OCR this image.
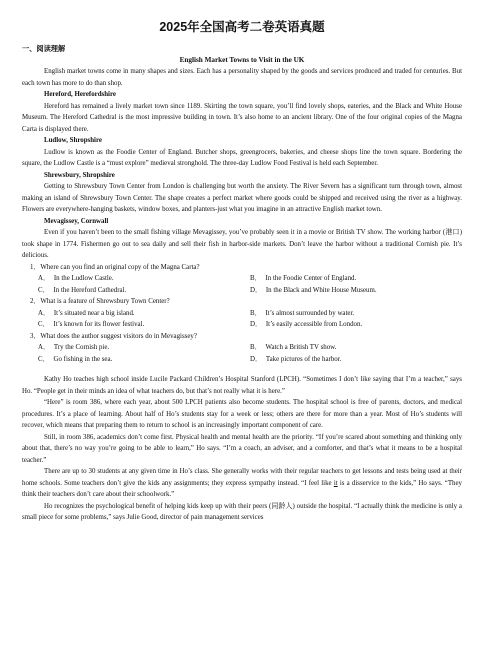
2025年全国高考二卷英语真题
一、阅读理解
English Market Towns to Visit in the UK

English market towns come in many shapes and sizes. Each has a personality shaped by the goods and services produced and traded for centuries. But each town has more to do than shop.

Hereford, Herefordshire

Hereford has remained a lively market town since 1189. Skirting the town square, you’ll find lovely shops, eateries, and the Black and White House Museum. The Hereford Cathedral is the most impressive building in town. It’s also home to an ancient library. One of the four original copies of the Magna Carta is displayed there.

Ludlow, Shropshire

Ludlow is known as the Foodie Center of England. Butcher shops, greengrocers, bakeries, and cheese shops line the town square. Bordering the square, the Ludlow Castle is a “must explore” medieval stronghold. The three-day Ludlow Food Festival is held each September.

Shrewsbury, Shropshire

Getting to Shrewsbury Town Center from London is challenging but worth the anxiety. The River Severn has a significant turn through town, almost making an island of Shrewsbury Town Center. The shape creates a perfect market where goods could be shipped and received using the river as a highway. Flowers are everywhere-hanging baskets, window boxes, and planters-just what you imagine in an attractive English market town.

Mevagissey, Cornwall

Even if you haven’t been to the small fishing village Mevagissey, you’ve probably seen it in a movie or British TV show. The working harbor (港口) took shape in 1774. Fishermen go out to sea daily and sell their fish in harbor-side markets. Don’t leave the harbor without a traditional Cornish pie. It’s delicious.

1．Where can you find an original copy of the Magna Carta?
A． In the Ludlow Castle.	B． In the Foodie Center of England.
C． In the Hereford Cathedral.	D． In the Black and White House Museum.
2．What is a feature of Shrewsbury Town Center?
A． It’s situated near a big island.	B． It’s almost surrounded by water.
C． It’s known for its flower festival.	D． It’s easily accessible from London.
3．What does the author suggest visitors do in Mevagissey?
A． Try the Cornish pie.	B． Watch a British TV show.
C． Go fishing in the sea.	D． Take pictures of the harbor.

Kathy Ho teaches high school inside Lucile Packard Children’s Hospital Stanford (LPCH). “Sometimes I don’t like saying that I’m a teacher,” says Ho. “People get in their minds an idea of what teachers do, but that’s not really what it is here.”

“Here” is room 386, where each year, about 500 LPCH patients also become students. The hospital school is free of parents, doctors, and medical procedures. It’s a place of learning. About half of Ho’s students stay for a week or less; others are there for more than a year. Most of Ho’s students will recover, which means that preparing them to return to school is an increasingly important component of care.

Still, in room 386, academics don’t come first. Physical health and mental health are the priority. “If you’re scared about something and thinking only about that, there’s no way you’re going to be able to learn,” Ho says. “I’m a coach, an adviser, and a comforter, and that’s what it means to be a hospital teacher.”

There are up to 30 students at any given time in Ho’s class. She generally works with their regular teachers to get lessons and tests being used at their home schools. Some teachers don’t give the kids any assignments; they express sympathy instead. “I feel like it is a disservice to the kids,” Ho says. “They think their teachers don’t care about their schoolwork.”

Ho recognizes the psychological benefit of helping kids keep up with their peers (同龄人) outside the hospital. “I actually think the medicine is only a small piece for some problems,” says Julie Good, director of pain management services
